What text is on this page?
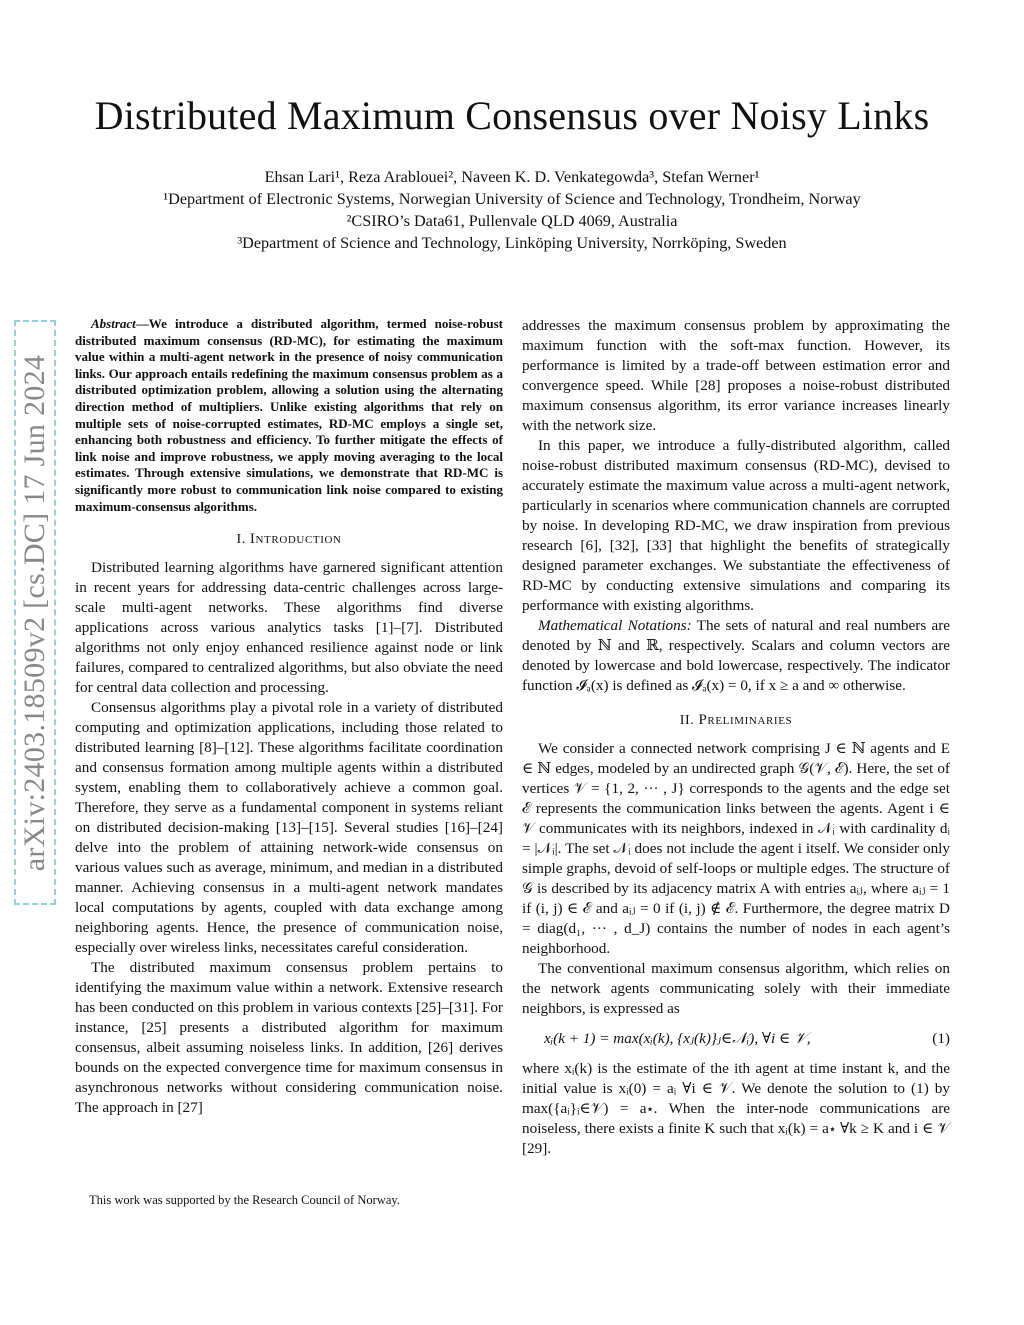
Distributed Maximum Consensus over Noisy Links
Ehsan Lari¹, Reza Arablouei², Naveen K. D. Venkategowda³, Stefan Werner¹
¹Department of Electronic Systems, Norwegian University of Science and Technology, Trondheim, Norway
²CSIRO’s Data61, Pullenvale QLD 4069, Australia
³Department of Science and Technology, Linköping University, Norrköping, Sweden
arXiv:2403.18509v2 [cs.DC] 17 Jun 2024

Abstract—We introduce a distributed algorithm, termed noise-robust distributed maximum consensus (RD-MC), for estimating the maximum value within a multi-agent network in the presence of noisy communication links. Our approach entails redefining the maximum consensus problem as a distributed optimization problem, allowing a solution using the alternating direction method of multipliers. Unlike existing algorithms that rely on multiple sets of noise-corrupted estimates, RD-MC employs a single set, enhancing both robustness and efficiency. To further mitigate the effects of link noise and improve robustness, we apply moving averaging to the local estimates. Through extensive simulations, we demonstrate that RD-MC is significantly more robust to communication link noise compared to existing maximum-consensus algorithms.

I. Introduction

Distributed learning algorithms have garnered significant attention in recent years for addressing data-centric challenges across large-scale multi-agent networks. These algorithms find diverse applications across various analytics tasks [1]–[7]. Distributed algorithms not only enjoy enhanced resilience against node or link failures, compared to centralized algorithms, but also obviate the need for central data collection and processing.

Consensus algorithms play a pivotal role in a variety of distributed computing and optimization applications, including those related to distributed learning [8]–[12]. These algorithms facilitate coordination and consensus formation among multiple agents within a distributed system, enabling them to collaboratively achieve a common goal. Therefore, they serve as a fundamental component in systems reliant on distributed decision-making [13]–[15]. Several studies [16]–[24] delve into the problem of attaining network-wide consensus on various values such as average, minimum, and median in a distributed manner. Achieving consensus in a multi-agent network mandates local computations by agents, coupled with data exchange among neighboring agents. Hence, the presence of communication noise, especially over wireless links, necessitates careful consideration.

The distributed maximum consensus problem pertains to identifying the maximum value within a network. Extensive research has been conducted on this problem in various contexts [25]–[31]. For instance, [25] presents a distributed algorithm for maximum consensus, albeit assuming noiseless links. In addition, [26] derives bounds on the expected convergence time for maximum consensus in asynchronous networks without considering communication noise. The approach in [27]

addresses the maximum consensus problem by approximating the maximum function with the soft-max function. However, its performance is limited by a trade-off between estimation error and convergence speed. While [28] proposes a noise-robust distributed maximum consensus algorithm, its error variance increases linearly with the network size.

In this paper, we introduce a fully-distributed algorithm, called noise-robust distributed maximum consensus (RD-MC), devised to accurately estimate the maximum value across a multi-agent network, particularly in scenarios where communication channels are corrupted by noise. In developing RD-MC, we draw inspiration from previous research [6], [32], [33] that highlight the benefits of strategically designed parameter exchanges. We substantiate the effectiveness of RD-MC by conducting extensive simulations and comparing its performance with existing algorithms.

Mathematical Notations: The sets of natural and real numbers are denoted by ℕ and ℝ, respectively. Scalars and column vectors are denoted by lowercase and bold lowercase, respectively. The indicator function 𝓘ₐ(x) is defined as 𝓘ₐ(x) = 0, if x ≥ a and ∞ otherwise.

II. Preliminaries

We consider a connected network comprising J ∈ ℕ agents and E ∈ ℕ edges, modeled by an undirected graph 𝒢(𝒱, ℰ). Here, the set of vertices 𝒱 = {1, 2, ··· , J} corresponds to the agents and the edge set ℰ represents the communication links between the agents. Agent i ∈ 𝒱 communicates with its neighbors, indexed in 𝒩ᵢ with cardinality dᵢ = |𝒩ᵢ|. The set 𝒩ᵢ does not include the agent i itself. We consider only simple graphs, devoid of self-loops or multiple edges. The structure of 𝒢 is described by its adjacency matrix A with entries aᵢⱼ, where aᵢⱼ = 1 if (i, j) ∈ ℰ and aᵢⱼ = 0 if (i, j) ∉ ℰ. Furthermore, the degree matrix D = diag(d₁, ··· , d_J) contains the number of nodes in each agent’s neighborhood.

The conventional maximum consensus algorithm, which relies on the network agents communicating solely with their immediate neighbors, is expressed as

xᵢ(k + 1) = max(xᵢ(k), {xⱼ(k)}ⱼ∈𝒩ᵢ), ∀i ∈ 𝒱,	(1)

where xᵢ(k) is the estimate of the ith agent at time instant k, and the initial value is xᵢ(0) = aᵢ ∀i ∈ 𝒱. We denote the solution to (1) by max({aᵢ}ᵢ∈𝒱) = a⋆. When the inter-node communications are noiseless, there exists a finite K such that xᵢ(k) = a⋆ ∀k ≥ K and i ∈ 𝒱 [29].

This work was supported by the Research Council of Norway.
